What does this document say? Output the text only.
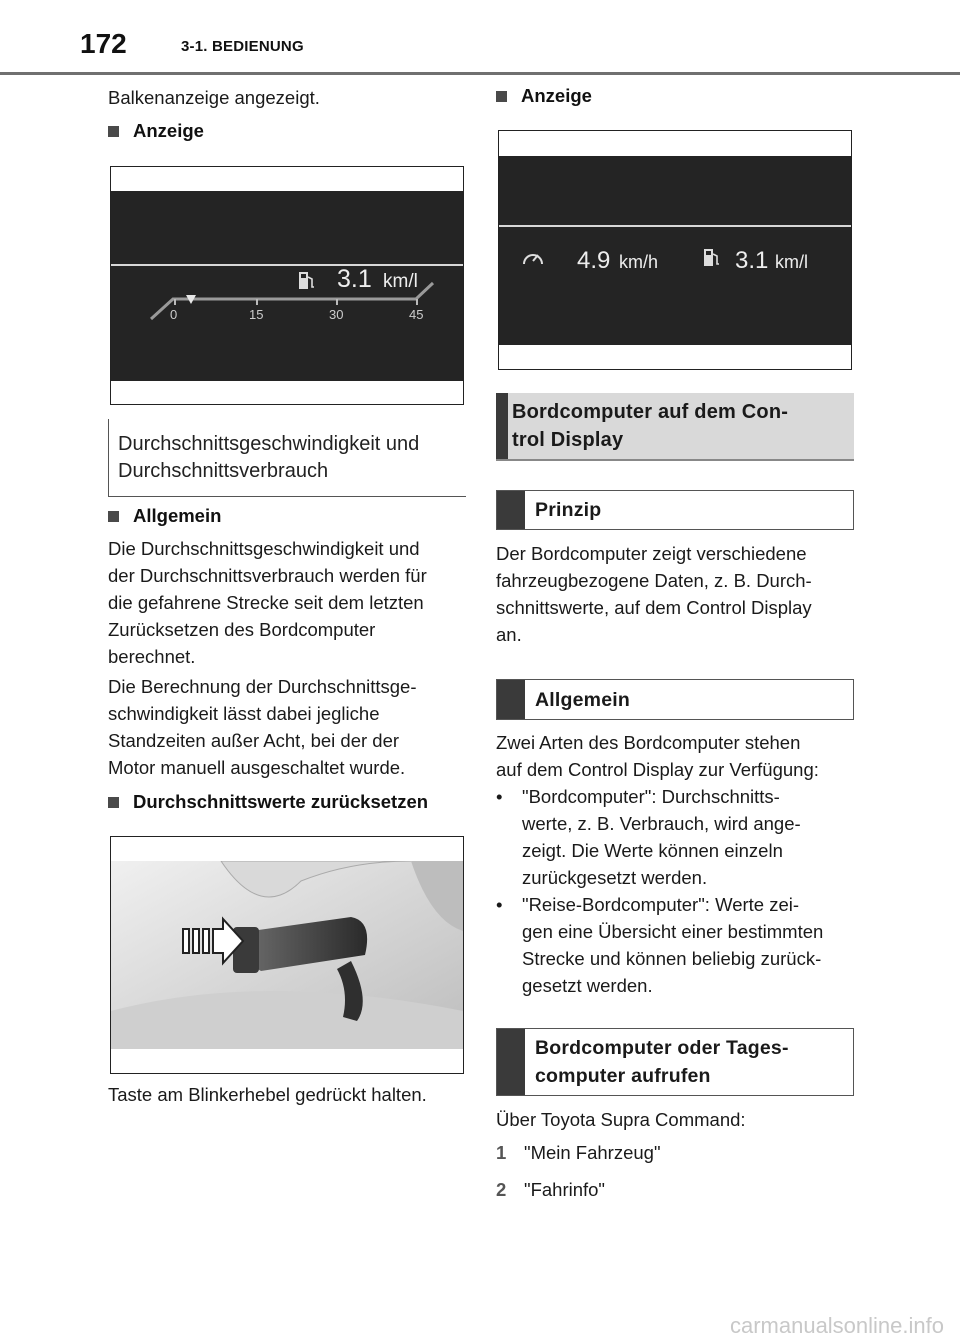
172	3-1. BEDIENUNG
Balkenanzeige angezeigt.
Anzeige
3.1 km/l
0	15	30	45
Durchschnittsgeschwindigkeit und
Durchschnittsverbrauch
Allgemein
Die Durchschnittsgeschwindigkeit und
der Durchschnittsverbrauch werden für
die gefahrene Strecke seit dem letzten
Zurücksetzen des Bordcomputer
berechnet.
Die Berechnung der Durchschnittsge-
schwindigkeit lässt dabei jegliche
Standzeiten außer Acht, bei der der
Motor manuell ausgeschaltet wurde.
Durchschnittswerte zurücksetzen
Taste am Blinkerhebel gedrückt halten.
Anzeige
4.9 km/h	3.1 km/l
Bordcomputer auf dem Con-
trol Display
Prinzip
Der Bordcomputer zeigt verschiedene
fahrzeugbezogene Daten, z. B. Durch-
schnittswerte, auf dem Control Display
an.
Allgemein
Zwei Arten des Bordcomputer stehen
auf dem Control Display zur Verfügung:
•	"Bordcomputer": Durchschnitts-
werte, z. B. Verbrauch, wird ange-
zeigt. Die Werte können einzeln
zurückgesetzt werden.
•	"Reise-Bordcomputer": Werte zei-
gen eine Übersicht einer bestimmten
Strecke und können beliebig zurück-
gesetzt werden.
Bordcomputer oder Tages-
computer aufrufen
Über Toyota Supra Command:
1 "Mein Fahrzeug"
2 "Fahrinfo"
carmanualsonline.info
